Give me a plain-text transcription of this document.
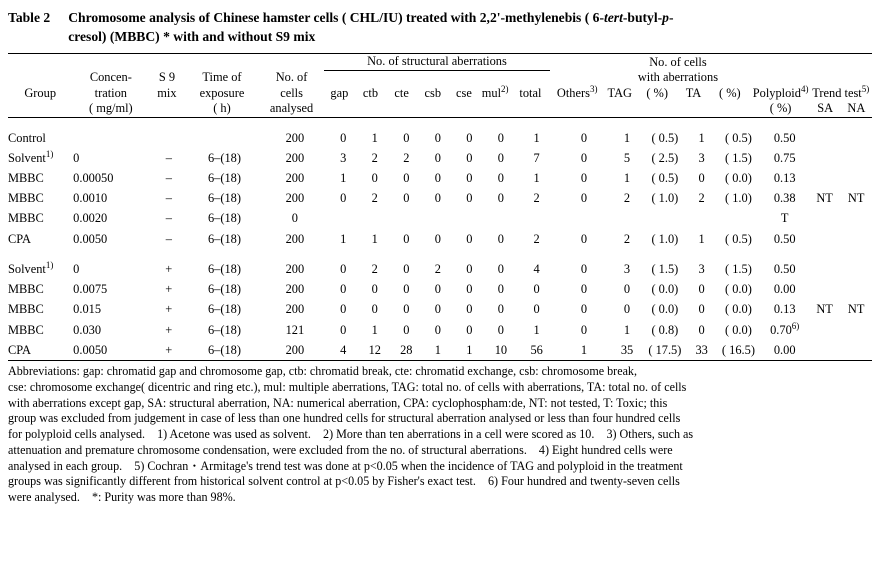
Table 2	Chromosome analysis of Chinese hamster cells ( CHL/IU) treated with 2,2'-methylenebis ( 6-tert-butyl-p-
cresol) (MBBC) * with and without S9 mix
					No. of structural aberrations								No. of cells						
	Concen-	S 9	Time of	No. of									with aberrations						
Group	tration	mix	exposure	cells	gap	ctb	cte	csb	cse	mul$^{2)}$	total	Others$^{3)}$	TAG	( %)	TA	( %)	Polyploid$^{4)}$	Trend test$^{5)}$
	( mg/ml)		( h)	analysed													( %)	SA	NA

Control				200	0	1	0	0	0	0	1	0	1	( 0.5)	1	( 0.5)	0.50		
Solvent$^{1)}$	0	–	6–(18)	200	3	2	2	0	0	0	7	0	5	( 2.5)	3	( 1.5)	0.75		
MBBC	0.00050	–	6–(18)	200	1	0	0	0	0	0	1	0	1	( 0.5)	0	( 0.0)	0.13		
MBBC	0.0010	–	6–(18)	200	0	2	0	0	0	0	2	0	2	( 1.0)	2	( 1.0)	0.38	NT	NT
MBBC	0.0020	–	6–(18)	0													T		
CPA	0.0050	–	6–(18)	200	1	1	0	0	0	0	2	0	2	( 1.0)	1	( 0.5)	0.50		

Solvent$^{1)}$	0	+	6–(18)	200	0	2	0	2	0	0	4	0	3	( 1.5)	3	( 1.5)	0.50		
MBBC	0.0075	+	6–(18)	200	0	0	0	0	0	0	0	0	0	( 0.0)	0	( 0.0)	0.00		
MBBC	0.015	+	6–(18)	200	0	0	0	0	0	0	0	0	0	( 0.0)	0	( 0.0)	0.13	NT	NT
MBBC	0.030	+	6–(18)	121	0	1	0	0	0	0	1	0	1	( 0.8)	0	( 0.0)	0.70$^{6)}$		
CPA	0.0050	+	6–(18)	200	4	12	28	1	1	10	56	1	35	( 17.5)	33	( 16.5)	0.00		

Abbreviations: gap: chromatid gap and chromosome gap, ctb: chromatid break, cte: chromatid exchange, csb: chromosome break,

cse: chromosome exchange( dicentric and ring etc.), mul: multiple aberrations, TAG: total no. of cells with aberrations, TA: total no. of cells

with aberrations except gap, SA: structural aberration, NA: numerical aberration, CPA: cyclophospham:de, NT: not tested, T: Toxic; this

group was excluded from judgement in case of less than one hundred cells for structural aberration analysed or less than four hundred cells

for polyploid cells analysed.　1) Acetone was used as solvent.　2) More than ten aberrations in a cell were scored as 10.　3) Others, such as

attenuation and premature chromosome condensation, were excluded from the no. of structural aberrations.　4) Eight hundred cells were

analysed in each group.　5) Cochran・Armitage's trend test was done at p<0.05 when the incidence of TAG and polyploid in the treatment

groups was significantly different from historical solvent control at p<0.05 by Fisher's exact test.　6) Four hundred and twenty-seven cells

were analysed.　*: Purity was more than 98%.
